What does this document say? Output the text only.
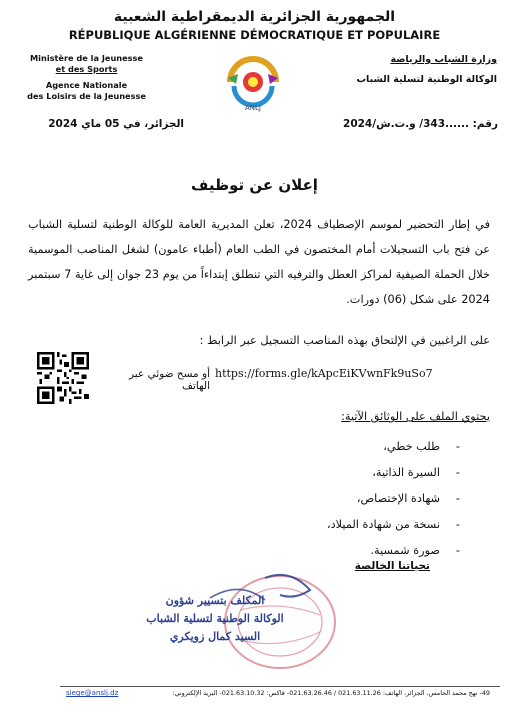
الجمهورية الجزائرية الديمقراطية الشعبية
RÉPUBLIQUE ALGÉRIENNE DÉMOCRATIQUE ET POPULAIRE
Ministère de la Jeunesse
et des Sports
Agence Nationale
des Loisirs de la Jeunesse
وزارة الشباب والرياضة
الوكالة الوطنية لتسلية الشباب
ANLJ
رقم: ......343/ و.ت.ش/2024
الجزائر، في 05 ماي 2024
إعلان عن توظيف
في إطار التحضير لموسم الإصطياف 2024، تعلن المديرية العامة للوكالة الوطنية لتسلية الشباب عن فتح باب التسجيلات أمام المختصون في الطب العام (أطباء عامون) لشغل المناصب الموسمية خلال الحملة الصيفية لمراكز العطل والترفيه التي تنطلق إبتداءاً من يوم 23 جوان إلى غاية 7 سبتمبر 2024 على شكل (06) دورات.
على الراغبين في الإلتحاق بهذه المناصب التسجيل عبر الرابط :
https://forms.gle/kApcEiKVwnFk9uSo7
أو مسح ضوئي عبر الهاتف
يحتوي الملف على الوثائق الآتية:
-طلب خطي،
-السيرة الذاتية،
-شهادة الإختصاص،
-نسخة من شهادة الميلاد،
-صورة شمسية.
تحياتنا الخالصة
المكلف بتسيير شؤون
الوكالة الوطنية لتسلية الشباب
السيد كمال زويكري
siege@anslj.dz	49- نهج محمد الخامس، الجزائر، الهاتف: 021.63.11.26 / 021.63.26.46- فاكس: 021.63.10.32- البريد الإلكتروني:
